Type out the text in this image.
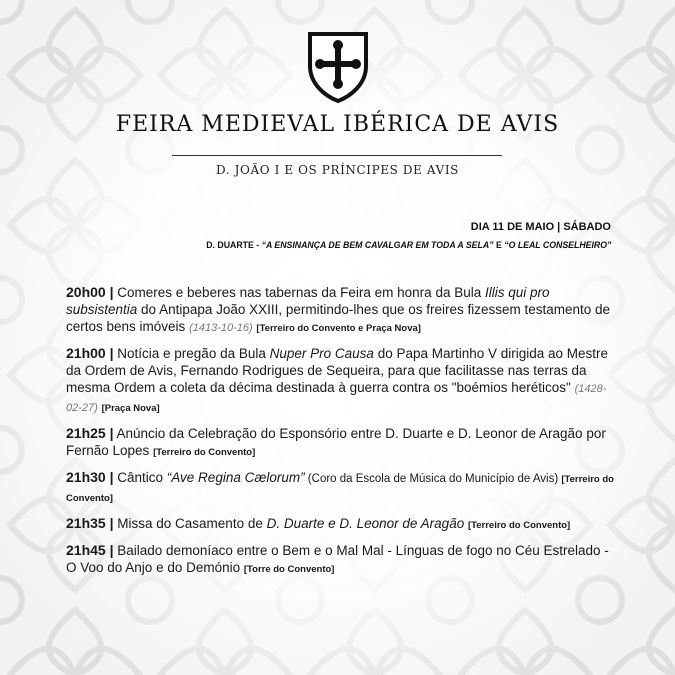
FEIRA MEDIEVAL IBÉRICA DE AVIS
D. JOÃO I E OS PRÍNCIPES DE AVIS
DIA 11 DE MAIO | SÁBADO
D. DUARTE - “A ENSINANÇA DE BEM CAVALGAR EM TODA A SELA” E “O LEAL CONSELHEIRO”
20h00 | Comeres e beberes nas tabernas da Feira em honra da Bula Illis qui pro subsistentia do Antipapa João XXIII, permitindo-lhes que os freires fizessem testamento de certos bens imóveis (1413-10-16) [Terreiro do Convento e Praça Nova]
21h00 | Notícia e pregão da Bula Nuper Pro Causa do Papa Martinho V dirigida ao Mestre da Ordem de Avis, Fernando Rodrigues de Sequeira, para que facilitasse nas terras da mesma Ordem a coleta da décima destinada à guerra contra os "boémios heréticos" (1428-02-27) [Praça Nova]
21h25 | Anúncio da Celebração do Esponsório entre D. Duarte e D. Leonor de Aragão por Fernão Lopes [Terreiro do Convento]
21h30 | Cântico “Ave Regina Cælorum” (Coro da Escola de Música do Município de Avis) [Terreiro do Convento]
21h35 | Missa do Casamento de D. Duarte e D. Leonor de Aragão [Terreiro do Convento]
21h45 | Bailado demoníaco entre o Bem e o Mal Mal - Línguas de fogo no Céu Estrelado - O Voo do Anjo e do Demónio [Torre do Convento]
